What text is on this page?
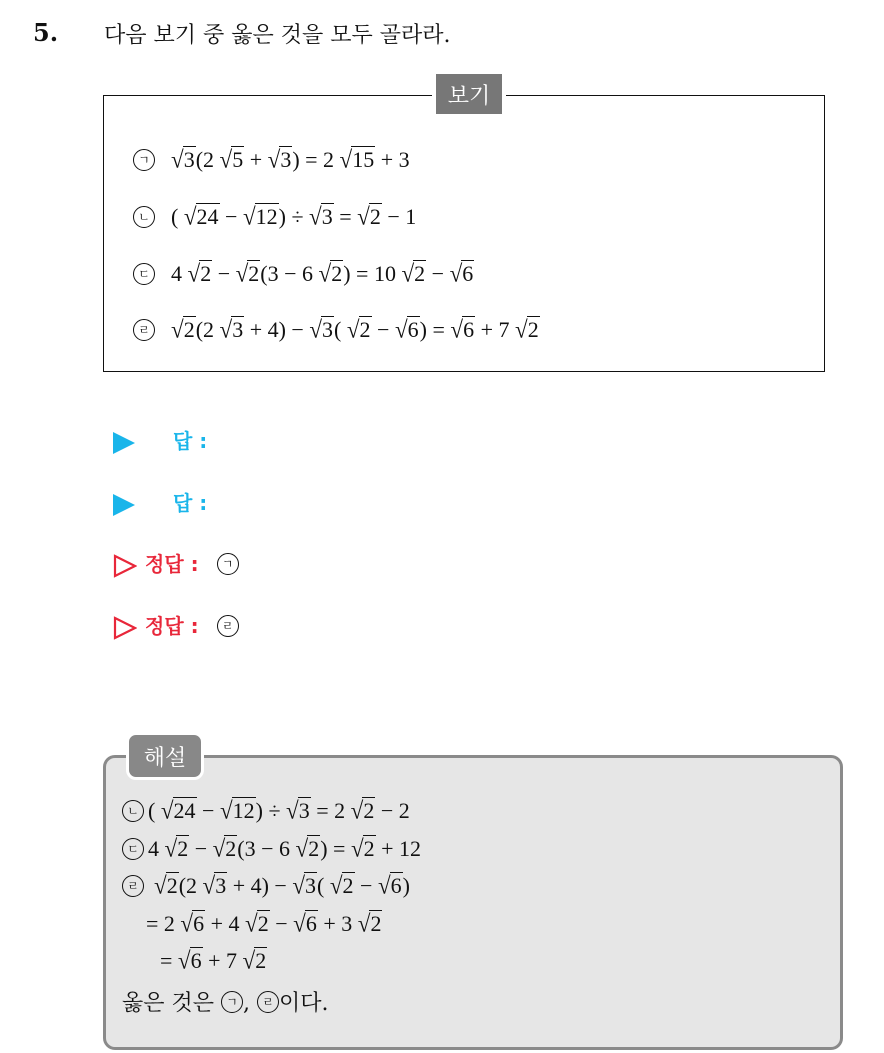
5. 다음 보기 중 옳은 것을 모두 골라라.
보기
ㄱ √3(2 √5 + √3) = 2 √15 + 3
ㄴ ( √24 − √12) ÷ √3 = √2 − 1
ㄷ 4 √2 − √2(3 − 6 √2) = 10 √2 − √6
ㄹ √2(2 √3 + 4) − √3( √2 − √6) = √6 + 7 √2
답 :
답 :
정답 : ㄱ
정답 : ㄹ
해설
ㄴ ( √24 − √12) ÷ √3 = 2 √2 − 2
ㄷ 4 √2 − √2(3 − 6 √2) = √2 + 12
ㄹ √2(2 √3 + 4) − √3( √2 − √6)
= 2 √6 + 4 √2 − √6 + 3 √2
= √6 + 7 √2
옳은 것은 ㄱ , ㄹ 이다.
